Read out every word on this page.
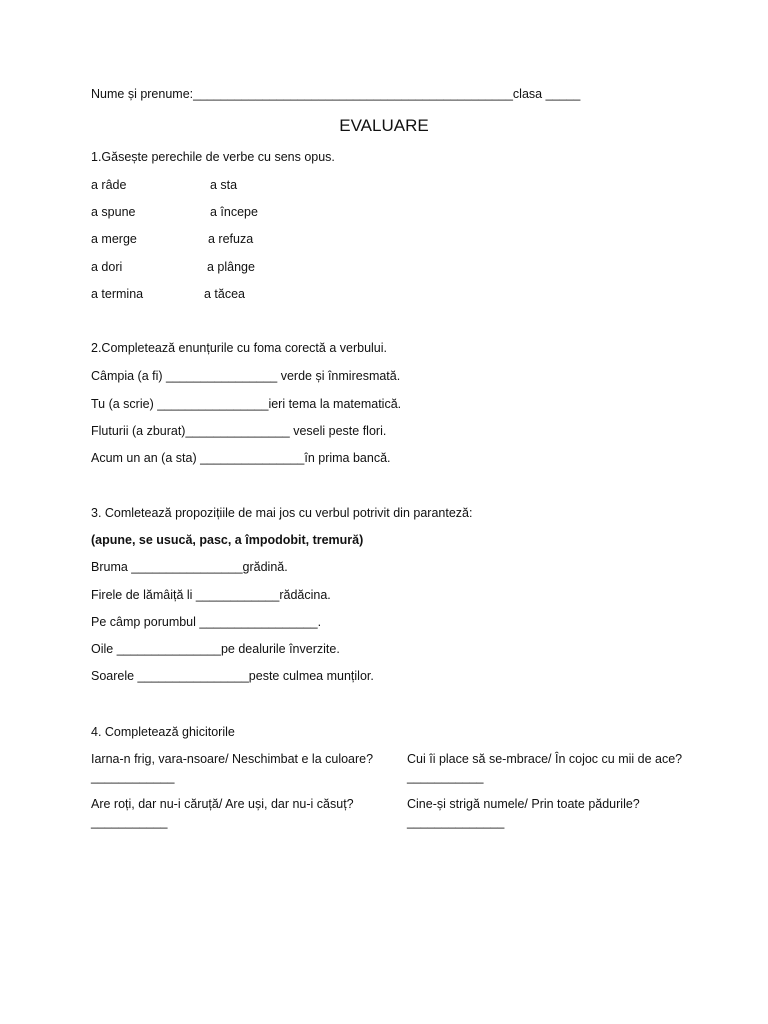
Nume și prenume:______________________________________________clasa _____
EVALUARE
1.Găsește perechile de verbe cu sens opus.
a râde	a sta
a spune	a începe
a merge	a refuza
a dori	a plânge
a termina	a tăcea
2.Completează enunțurile cu foma corectă a verbului.
Câmpia (a fi) ________________ verde și înmiresmată.
Tu (a scrie) ________________ieri tema la matematică.
Fluturii (a zburat)_______________ veseli peste flori.
Acum un an (a sta) _______________în prima bancă.
3. Comletează propozițiile de mai jos cu verbul potrivit din paranteză:
(apune, se usucă, pasc, a împodobit, tremură)
Bruma ________________grădină.
Firele de lămâiță li ____________rădăcina.
Pe câmp porumbul _________________.
Oile _______________pe dealurile înverzite.
Soarele ________________peste culmea munților.
4. Completează ghicitorile
Iarna-n frig, vara-nsoare/ Neschimbat e la culoare? ____________
Cui îi place să se-mbrace/ În cojoc cu mii de ace?___________
Are roți, dar nu-i căruță/ Are uși, dar nu-i căsuț? ___________
Cine-și strigă numele/ Prin toate pădurile?______________
